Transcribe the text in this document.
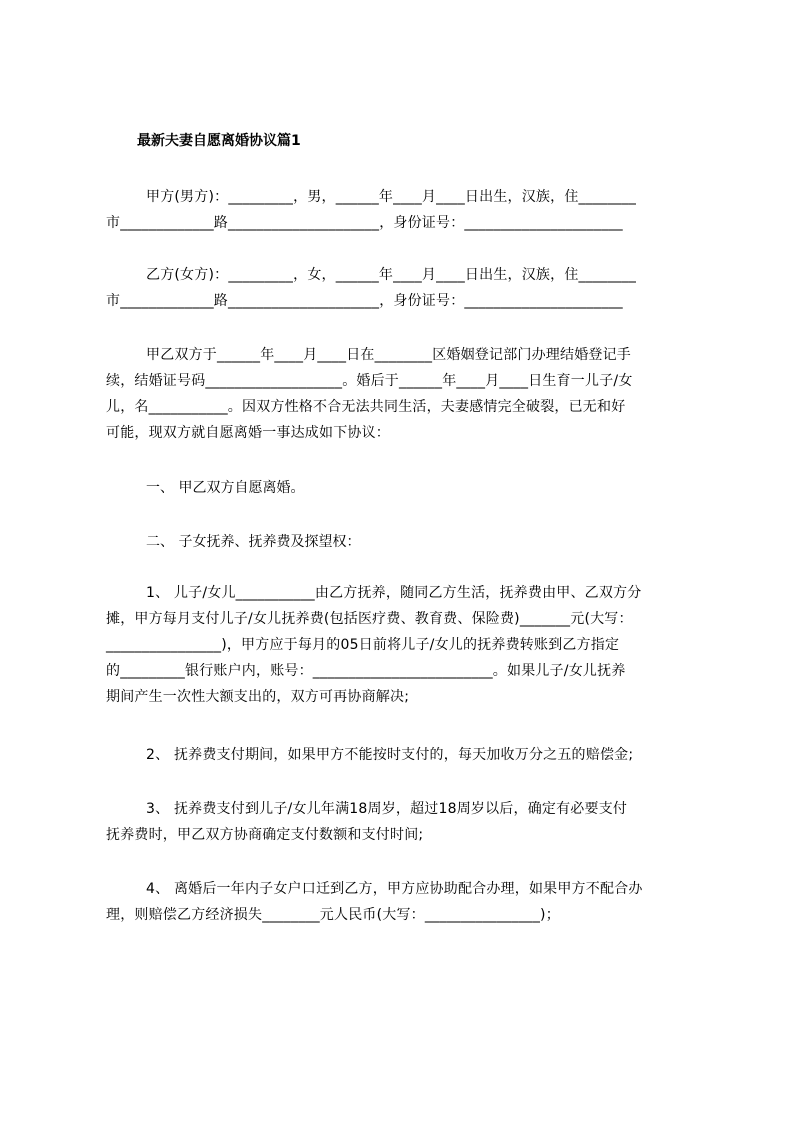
最新夫妻自愿离婚协议篇1
甲方(男方)：_________，男，______年____月____日出生，汉族，住________
市_____________路_____________________，身份证号：______________________
乙方(女方)：_________，女，______年____月____日出生，汉族，住________
市_____________路_____________________，身份证号：______________________
甲乙双方于______年____月____日在________区婚姻登记部门办理结婚登记手
续，结婚证号码___________________。婚后于______年____月____日生育一儿子/女
儿，名___________。因双方性格不合无法共同生活，夫妻感情完全破裂，已无和好
可能，现双方就自愿离婚一事达成如下协议：
一、 甲乙双方自愿离婚。
二、 子女抚养、抚养费及探望权：
1、 儿子/女儿___________由乙方抚养，随同乙方生活，抚养费由甲、乙双方分
摊，甲方每月支付儿子/女儿抚养费(包括医疗费、教育费、保险费)_______元(大写：
________________)，甲方应于每月的05日前将儿子/女儿的抚养费转账到乙方指定
的_________银行账户内，账号：_________________________。如果儿子/女儿抚养
期间产生一次性大额支出的，双方可再协商解决;
2、 抚养费支付期间，如果甲方不能按时支付的，每天加收万分之五的赔偿金;
3、 抚养费支付到儿子/女儿年满18周岁，超过18周岁以后，确定有必要支付
抚养费时，甲乙双方协商确定支付数额和支付时间;
4、 离婚后一年内子女户口迁到乙方，甲方应协助配合办理，如果甲方不配合办
理，则赔偿乙方经济损失________元人民币(大写：________________)；
